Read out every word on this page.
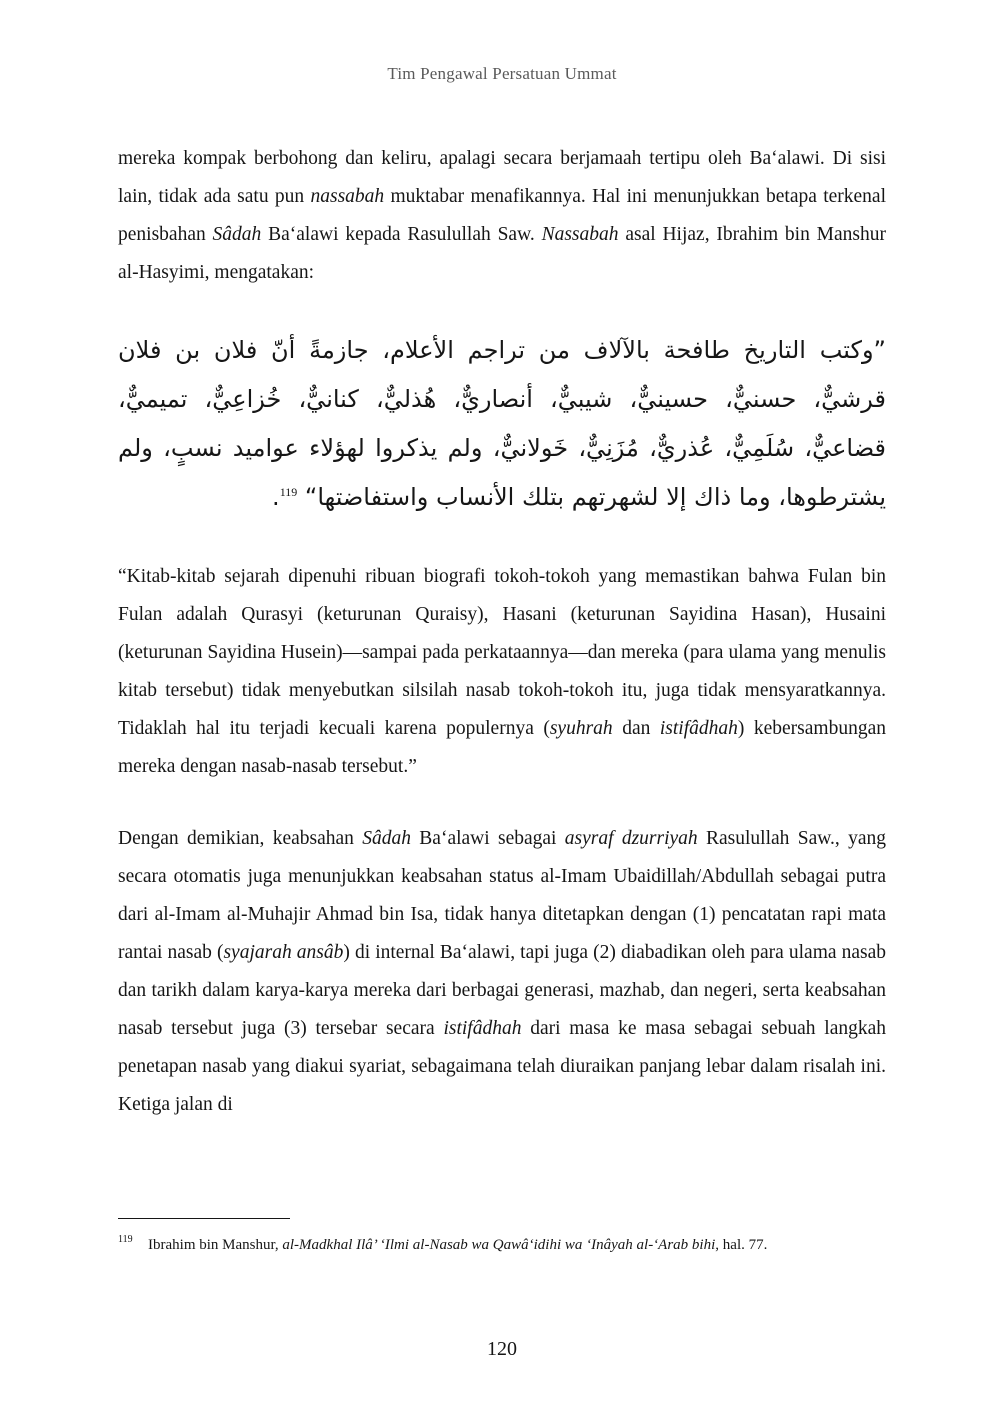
Tim Pengawal Persatuan Ummat

mereka kompak berbohong dan keliru, apalagi secara berjamaah tertipu oleh Ba‘alawi. Di sisi lain, tidak ada satu pun nassabah muktabar menafikannya. Hal ini menunjukkan betapa terkenal penisbahan Sâdah Ba‘alawi kepada Rasulullah Saw. Nassabah asal Hijaz, Ibrahim bin Manshur al-Hasyimi, mengatakan:

”وكتب التاريخ طافحة بالآلاف من تراجم الأعلام، جازمةً أنّ فلان بن فلان قرشيٌّ، حسنيٌّ، حسينيٌّ، شيبيٌّ، أنصاريٌّ، هُذليٌّ، كنانيٌّ، خُزاعِيٌّ، تميميٌّ، قضاعيٌّ، سُلَمِيٌّ، عُذريٌّ، مُزَنِيٌّ، خَولانيٌّ، ولم يذكروا لهؤلاء عواميد نسبٍ، ولم يشترطوها، وما ذاك إلا لشهرتهم بتلك الأنساب واستفاضتها“ $^{119}$.

“Kitab-kitab sejarah dipenuhi ribuan biografi tokoh-tokoh yang memastikan bahwa Fulan bin Fulan adalah Qurasyi (keturunan Quraisy), Hasani (keturunan Sayidina Hasan), Husaini (keturunan Sayidina Husein)—sampai pada perkataannya—dan mereka (para ulama yang menulis kitab tersebut) tidak menyebutkan silsilah nasab tokoh-tokoh itu, juga tidak mensyaratkannya. Tidaklah hal itu terjadi kecuali karena populernya (syuhrah dan istifâdhah) kebersambungan mereka dengan nasab-nasab tersebut.”

Dengan demikian, keabsahan Sâdah Ba‘alawi sebagai asyraf dzurriyah Rasulullah Saw., yang secara otomatis juga menunjukkan keabsahan status al-Imam Ubaidillah/Abdullah sebagai putra dari al-Imam al-Muhajir Ahmad bin Isa, tidak hanya ditetapkan dengan (1) pencatatan rapi mata rantai nasab (syajarah ansâb) di internal Ba‘alawi, tapi juga (2) diabadikan oleh para ulama nasab dan tarikh dalam karya-karya mereka dari berbagai generasi, mazhab, dan negeri, serta keabsahan nasab tersebut juga (3) tersebar secara istifâdhah dari masa ke masa sebagai sebuah langkah penetapan nasab yang diakui syariat, sebagaimana telah diuraikan panjang lebar dalam risalah ini. Ketiga jalan di

119	Ibrahim bin Manshur, al-Madkhal Ilâ’ ‘Ilmi al-Nasab wa Qawâ‘idihi wa ‘Inâyah al-‘Arab bihi, hal. 77.
120
